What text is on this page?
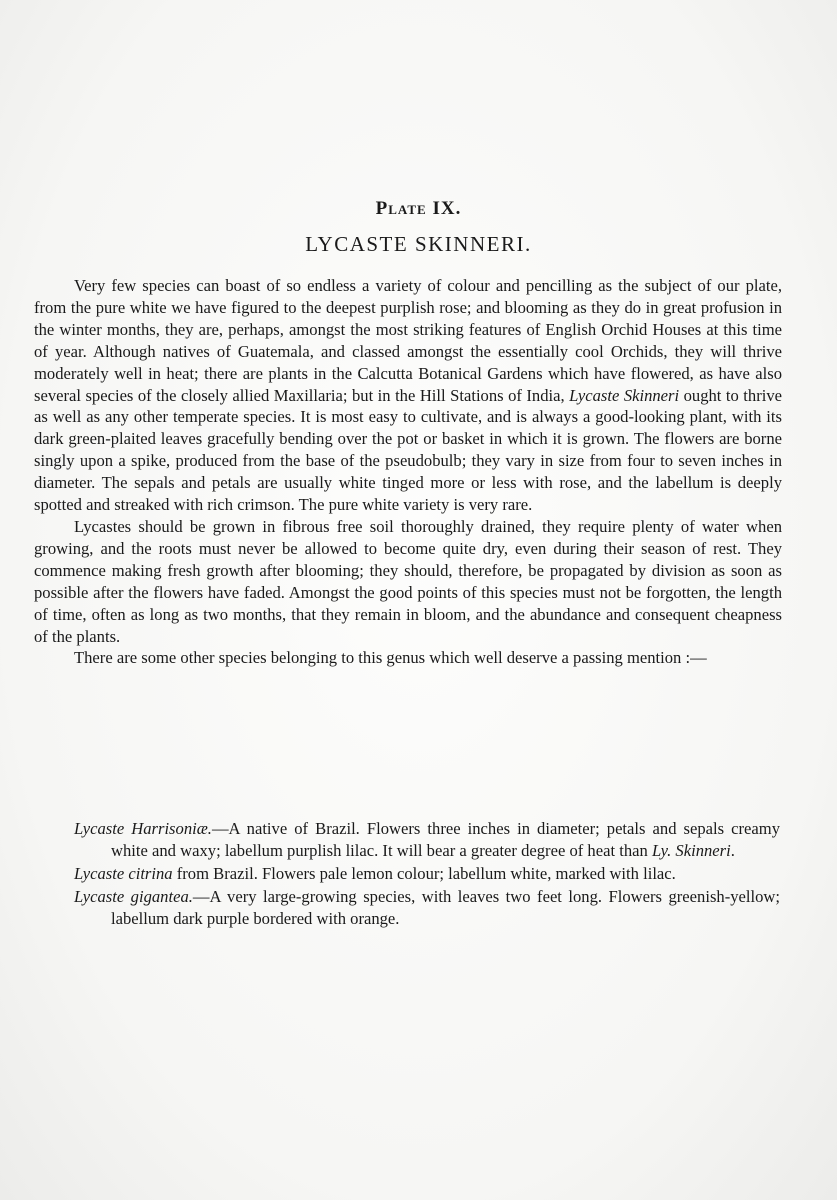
Plate IX.
LYCASTE SKINNERI.

Very few species can boast of so endless a variety of colour and pencilling as the subject of our plate, from the pure white we have figured to the deepest purplish rose; and blooming as they do in great profusion in the winter months, they are, perhaps, amongst the most striking features of English Orchid Houses at this time of year. Although natives of Guatemala, and classed amongst the essentially cool Orchids, they will thrive moderately well in heat; there are plants in the Calcutta Botanical Gardens which have flowered, as have also several species of the closely allied Maxillaria; but in the Hill Stations of India, Lycaste Skinneri ought to thrive as well as any other temperate species. It is most easy to cultivate, and is always a good-looking plant, with its dark green-plaited leaves gracefully bending over the pot or basket in which it is grown. The flowers are borne singly upon a spike, produced from the base of the pseudobulb; they vary in size from four to seven inches in diameter. The sepals and petals are usually white tinged more or less with rose, and the labellum is deeply spotted and streaked with rich crimson. The pure white variety is very rare.

Lycastes should be grown in fibrous free soil thoroughly drained, they require plenty of water when growing, and the roots must never be allowed to become quite dry, even during their season of rest. They commence making fresh growth after blooming; they should, therefore, be propagated by division as soon as possible after the flowers have faded. Amongst the good points of this species must not be forgotten, the length of time, often as long as two months, that they remain in bloom, and the abundance and consequent cheapness of the plants.

There are some other species belonging to this genus which well deserve a passing mention :—

Lycaste Harrisoniæ.—A native of Brazil. Flowers three inches in diameter; petals and sepals creamy white and waxy; labellum purplish lilac. It will bear a greater degree of heat than Ly. Skinneri.

Lycaste citrina from Brazil. Flowers pale lemon colour; labellum white, marked with lilac.

Lycaste gigantea.—A very large-growing species, with leaves two feet long. Flowers greenish-yellow; labellum dark purple bordered with orange.
